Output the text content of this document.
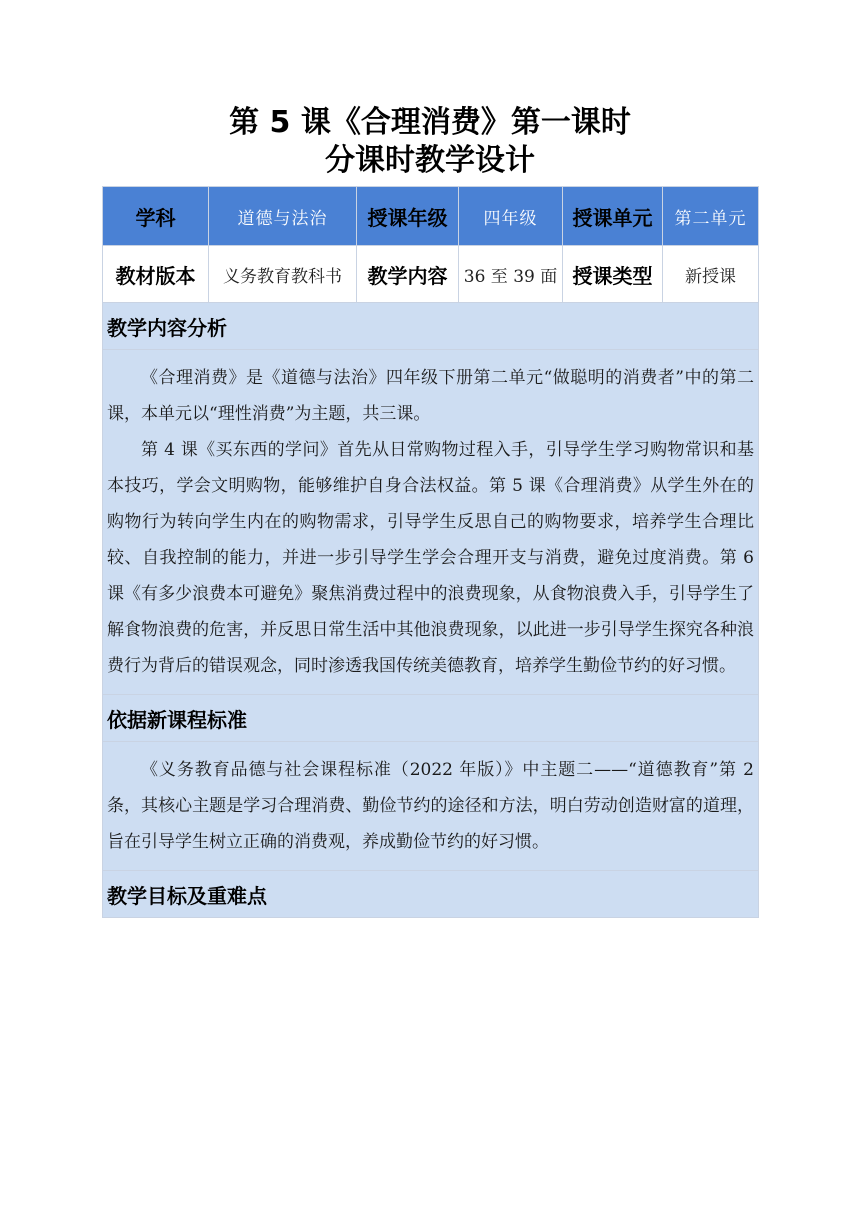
第 5 课《合理消费》第一课时
分课时教学设计
学科	道德与法治	授课年级	四年级	授课单元	第二单元
教材版本	义务教育教科书	教学内容	36 至 39 面	授课类型	新授课
教学内容分析					

《合理消费》是《道德与法治》四年级下册第二单元“做聪明的消费者”中的第二课，本单元以“理性消费”为主题，共三课。

第 4 课《买东西的学问》首先从日常购物过程入手，引导学生学习购物常识和基本技巧，学会文明购物，能够维护自身合法权益。第 5 课《合理消费》从学生外在的购物行为转向学生内在的购物需求，引导学生反思自己的购物要求，培养学生合理比较、自我控制的能力，并进一步引导学生学会合理开支与消费，避免过度消费。第 6 课《有多少浪费本可避免》聚焦消费过程中的浪费现象，从食物浪费入手，引导学生了解食物浪费的危害，并反思日常生活中其他浪费现象，以此进一步引导学生探究各种浪费行为背后的错误观念，同时渗透我国传统美德教育，培养学生勤俭节约的好习惯。					

依据新课程标准					

《义务教育品德与社会课程标准（2022 年版）》中主题二——“道德教育”第 2 条，其核心主题是学习合理消费、勤俭节约的途径和方法，明白劳动创造财富的道理，旨在引导学生树立正确的消费观，养成勤俭节约的好习惯。					

教学目标及重难点					
